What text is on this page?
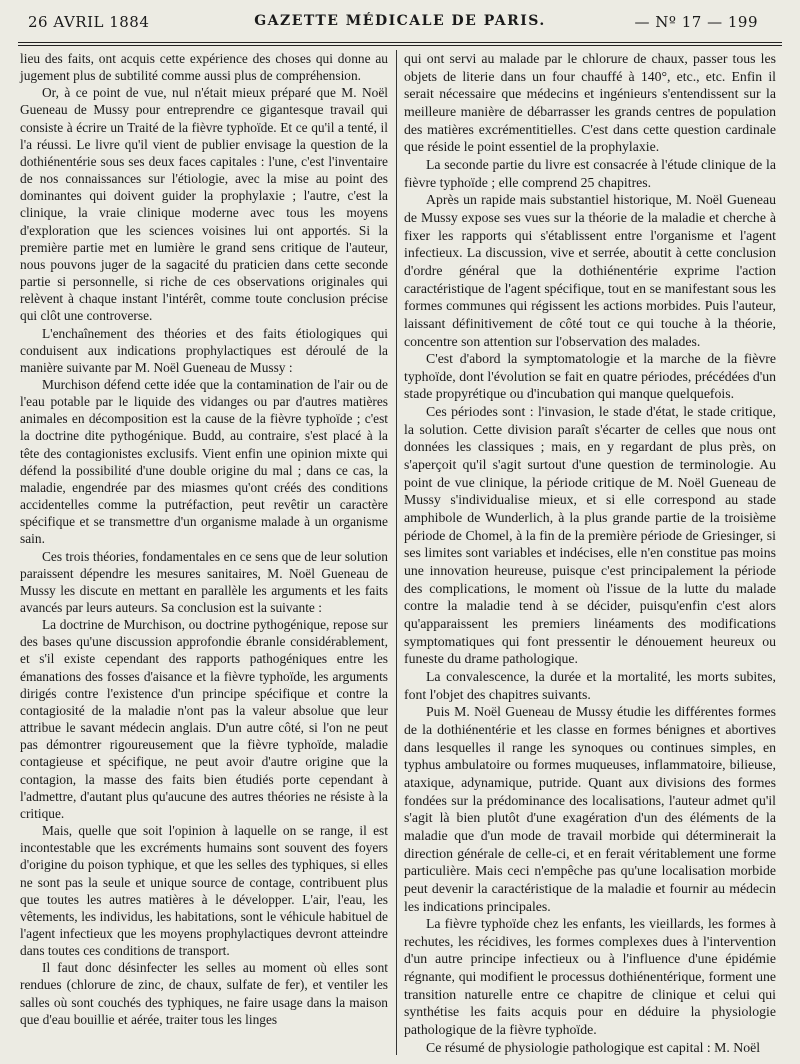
26 AVRIL 1884	GAZETTE MÉDICALE DE PARIS.	— Nº 17 — 199

lieu des faits, ont acquis cette expérience des choses qui donne au jugement plus de subtilité comme aussi plus de compréhension.

Or, à ce point de vue, nul n'était mieux préparé que M. Noël Gueneau de Mussy pour entreprendre ce gigantesque travail qui consiste à écrire un Traité de la fièvre typhoïde. Et ce qu'il a tenté, il l'a réussi. Le livre qu'il vient de publier envisage la question de la dothiénentérie sous ses deux faces capitales : l'une, c'est l'inventaire de nos connaissances sur l'étiologie, avec la mise au point des dominantes qui doivent guider la prophylaxie ; l'autre, c'est la clinique, la vraie clinique moderne avec tous les moyens d'exploration que les sciences voisines lui ont apportés. Si la première partie met en lumière le grand sens critique de l'auteur, nous pouvons juger de la sagacité du praticien dans cette seconde partie si personnelle, si riche de ces observations originales qui relèvent à chaque instant l'intérêt, comme toute conclusion précise qui clôt une controverse.

L'enchaînement des théories et des faits étiologiques qui conduisent aux indications prophylactiques est déroulé de la manière suivante par M. Noël Gueneau de Mussy :

Murchison défend cette idée que la contamination de l'air ou de l'eau potable par le liquide des vidanges ou par d'autres matières animales en décomposition est la cause de la fièvre typhoïde ; c'est la doctrine dite pythogénique. Budd, au contraire, s'est placé à la tête des contagionistes exclusifs. Vient enfin une opinion mixte qui défend la possibilité d'une double origine du mal ; dans ce cas, la maladie, engendrée par des miasmes qu'ont créés des conditions accidentelles comme la putréfaction, peut revêtir un caractère spécifique et se transmettre d'un organisme malade à un organisme sain.

Ces trois théories, fondamentales en ce sens que de leur solution paraissent dépendre les mesures sanitaires, M. Noël Gueneau de Mussy les discute en mettant en parallèle les arguments et les faits avancés par leurs auteurs. Sa conclusion est la suivante :

La doctrine de Murchison, ou doctrine pythogénique, repose sur des bases qu'une discussion approfondie ébranle considérablement, et s'il existe cependant des rapports pathogéniques entre les émanations des fosses d'aisance et la fièvre typhoïde, les arguments dirigés contre l'existence d'un principe spécifique et contre la contagiosité de la maladie n'ont pas la valeur absolue que leur attribue le savant médecin anglais. D'un autre côté, si l'on ne peut pas démontrer rigoureusement que la fièvre typhoïde, maladie contagieuse et spécifique, ne peut avoir d'autre origine que la contagion, la masse des faits bien étudiés porte cependant à l'admettre, d'autant plus qu'aucune des autres théories ne résiste à la critique.

Mais, quelle que soit l'opinion à laquelle on se range, il est incontestable que les excréments humains sont souvent des foyers d'origine du poison typhique, et que les selles des typhiques, si elles ne sont pas la seule et unique source de contage, contribuent plus que toutes les autres matières à le développer. L'air, l'eau, les vêtements, les individus, les habitations, sont le véhicule habituel de l'agent infectieux que les moyens prophylactiques devront atteindre dans toutes ces conditions de transport.

Il faut donc désinfecter les selles au moment où elles sont rendues (chlorure de zinc, de chaux, sulfate de fer), et ventiler les salles où sont couchés des typhiques, ne faire usage dans la maison que d'eau bouillie et aérée, traiter tous les linges

qui ont servi au malade par le chlorure de chaux, passer tous les objets de literie dans un four chauffé à 140°, etc., etc. Enfin il serait nécessaire que médecins et ingénieurs s'entendissent sur la meilleure manière de débarrasser les grands centres de population des matières excrémentitielles. C'est dans cette question cardinale que réside le point essentiel de la prophylaxie.

La seconde partie du livre est consacrée à l'étude clinique de la fièvre typhoïde ; elle comprend 25 chapitres.

Après un rapide mais substantiel historique, M. Noël Gueneau de Mussy expose ses vues sur la théorie de la maladie et cherche à fixer les rapports qui s'établissent entre l'organisme et l'agent infectieux. La discussion, vive et serrée, aboutit à cette conclusion d'ordre général que la dothiénentérie exprime l'action caractéristique de l'agent spécifique, tout en se manifestant sous les formes communes qui régissent les actions morbides. Puis l'auteur, laissant définitivement de côté tout ce qui touche à la théorie, concentre son attention sur l'observation des malades.

C'est d'abord la symptomatologie et la marche de la fièvre typhoïde, dont l'évolution se fait en quatre périodes, précédées d'un stade propyrétique ou d'incubation qui manque quelquefois.

Ces périodes sont : l'invasion, le stade d'état, le stade critique, la solution. Cette division paraît s'écarter de celles que nous ont données les classiques ; mais, en y regardant de plus près, on s'aperçoit qu'il s'agit surtout d'une question de terminologie. Au point de vue clinique, la période critique de M. Noël Gueneau de Mussy s'individualise mieux, et si elle correspond au stade amphibole de Wunderlich, à la plus grande partie de la troisième période de Chomel, à la fin de la première période de Griesinger, si ses limites sont variables et indécises, elle n'en constitue pas moins une innovation heureuse, puisque c'est principalement la période des complications, le moment où l'issue de la lutte du malade contre la maladie tend à se décider, puisqu'enfin c'est alors qu'apparaissent les premiers linéaments des modifications symptomatiques qui font pressentir le dénouement heureux ou funeste du drame pathologique.

La convalescence, la durée et la mortalité, les morts subites, font l'objet des chapitres suivants.

Puis M. Noël Gueneau de Mussy étudie les différentes formes de la dothiénentérie et les classe en formes bénignes et abortives dans lesquelles il range les synoques ou continues simples, en typhus ambulatoire ou formes muqueuses, inflammatoire, bilieuse, ataxique, adynamique, putride. Quant aux divisions des formes fondées sur la prédominance des localisations, l'auteur admet qu'il s'agit là bien plutôt d'une exagération d'un des éléments de la maladie que d'un mode de travail morbide qui déterminerait la direction générale de celle-ci, et en ferait véritablement une forme particulière. Mais ceci n'empêche pas qu'une localisation morbide peut devenir la caractéristique de la maladie et fournir au médecin les indications principales.

La fièvre typhoïde chez les enfants, les vieillards, les formes à rechutes, les récidives, les formes complexes dues à l'intervention d'un autre principe infectieux ou à l'influence d'une épidémie régnante, qui modifient le processus dothiénentérique, forment une transition naturelle entre ce chapitre de clinique et celui qui synthétise les faits acquis pour en déduire la physiologie pathologique de la fièvre typhoïde.

Ce résumé de physiologie pathologique est capital : M. Noël
